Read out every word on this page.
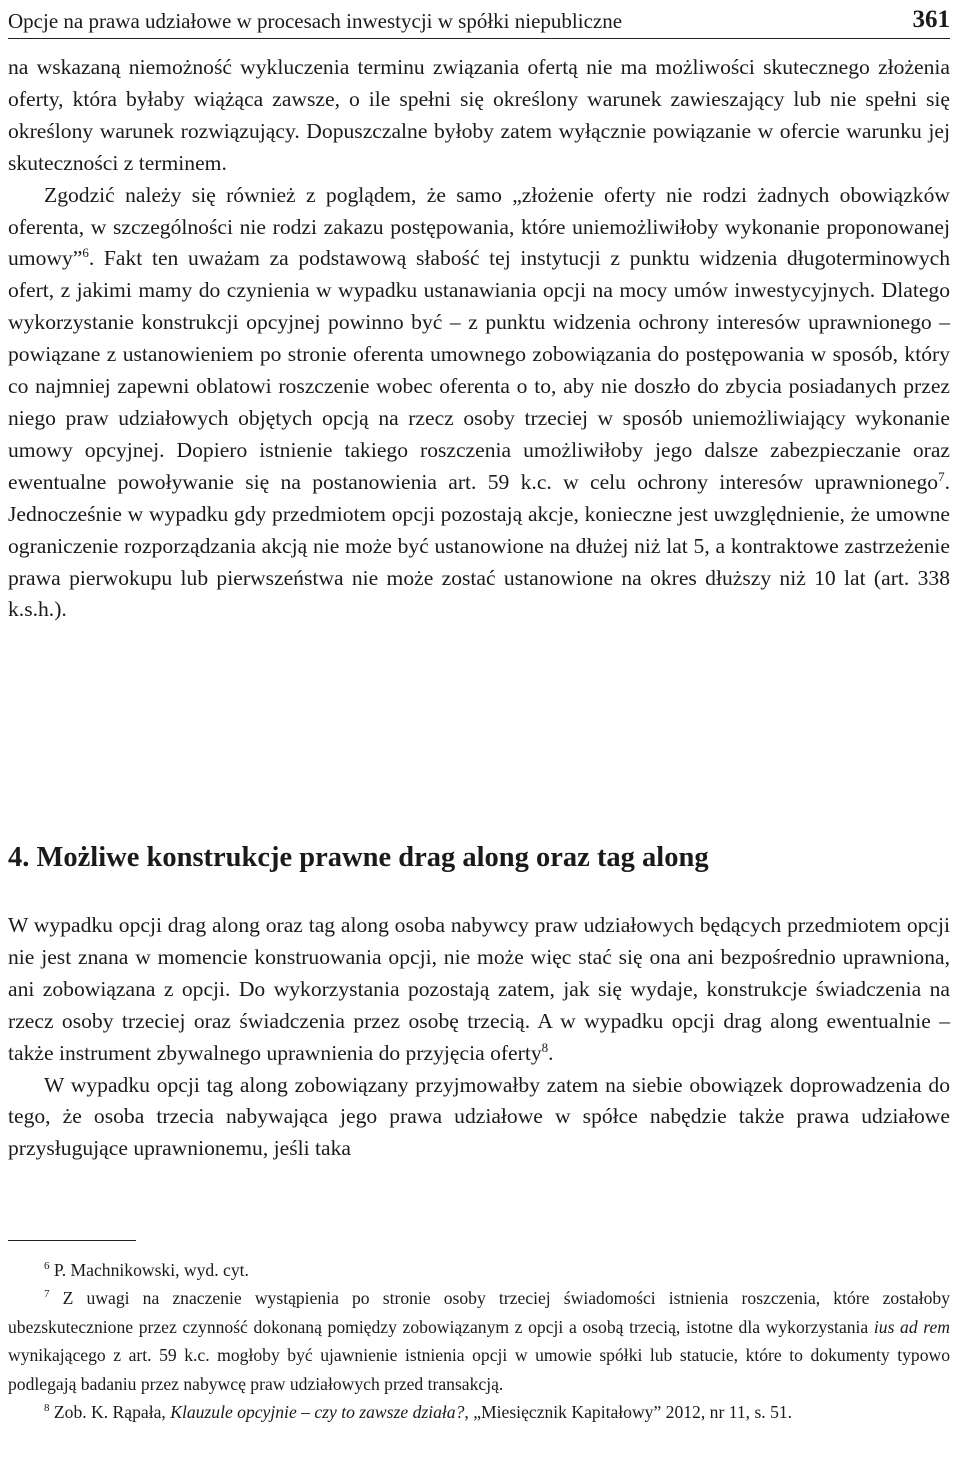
Opcje na prawa udziałowe w procesach inwestycji w spółki niepubliczne	361

na wskazaną niemożność wykluczenia terminu związania ofertą nie ma możliwości skutecznego złożenia oferty, która byłaby wiążąca zawsze, o ile spełni się określony warunek zawieszający lub nie spełni się określony warunek rozwiązujący. Dopuszczalne byłoby zatem wyłącznie powiązanie w ofercie warunku jej skuteczności z terminem.

Zgodzić należy się również z poglądem, że samo „złożenie oferty nie rodzi żadnych obowiązków oferenta, w szczególności nie rodzi zakazu postępowania, które uniemożliwiłoby wykonanie proponowanej umowy”$^6$. Fakt ten uważam za podstawową słabość tej instytucji z punktu widzenia długoterminowych ofert, z jakimi mamy do czynienia w wypadku ustanawiania opcji na mocy umów inwestycyjnych. Dlatego wykorzystanie konstrukcji opcyjnej powinno być – z punktu widzenia ochrony interesów uprawnionego – powiązane z ustanowieniem po stronie oferenta umownego zobowiązania do postępowania w sposób, który co najmniej zapewni oblatowi roszczenie wobec oferenta o to, aby nie doszło do zbycia posiadanych przez niego praw udziałowych objętych opcją na rzecz osoby trzeciej w sposób uniemożliwiający wykonanie umowy opcyjnej. Dopiero istnienie takiego roszczenia umożliwiłoby jego dalsze zabezpieczanie oraz ewentualne powoływanie się na postanowienia art. 59 k.c. w celu ochrony interesów uprawnionego$^7$. Jednocześnie w wypadku gdy przedmiotem opcji pozostają akcje, konieczne jest uwzględnienie, że umowne ograniczenie rozporządzania akcją nie może być ustanowione na dłużej niż lat 5, a kontraktowe zastrzeżenie prawa pierwokupu lub pierwszeństwa nie może zostać ustanowione na okres dłuższy niż 10 lat (art. 338 k.s.h.).

4. Możliwe konstrukcje prawne drag along oraz tag along

W wypadku opcji drag along oraz tag along osoba nabywcy praw udziałowych będących przedmiotem opcji nie jest znana w momencie konstruowania opcji, nie może więc stać się ona ani bezpośrednio uprawniona, ani zobowiązana z opcji. Do wykorzystania pozostają zatem, jak się wydaje, konstrukcje świadczenia na rzecz osoby trzeciej oraz świadczenia przez osobę trzecią. A w wypadku opcji drag along ewentualnie – także instrument zbywalnego uprawnienia do przyjęcia oferty$^8$.

W wypadku opcji tag along zobowiązany przyjmowałby zatem na siebie obowiązek doprowadzenia do tego, że osoba trzecia nabywająca jego prawa udziałowe w spółce nabędzie także prawa udziałowe przysługujące uprawnionemu, jeśli taka

$^6$ P. Machnikowski, wyd. cyt.

$^7$ Z uwagi na znaczenie wystąpienia po stronie osoby trzeciej świadomości istnienia roszczenia, które zostałoby ubezskutecznione przez czynność dokonaną pomiędzy zobowiązanym z opcji a osobą trzecią, istotne dla wykorzystania ius ad rem wynikającego z art. 59 k.c. mogłoby być ujawnienie istnienia opcji w umowie spółki lub statucie, które to dokumenty typowo podlegają badaniu przez nabywcę praw udziałowych przed transakcją.

$^8$ Zob. K. Rąpała, Klauzule opcyjnie – czy to zawsze działa?, „Miesięcznik Kapitałowy” 2012, nr 11, s. 51.
